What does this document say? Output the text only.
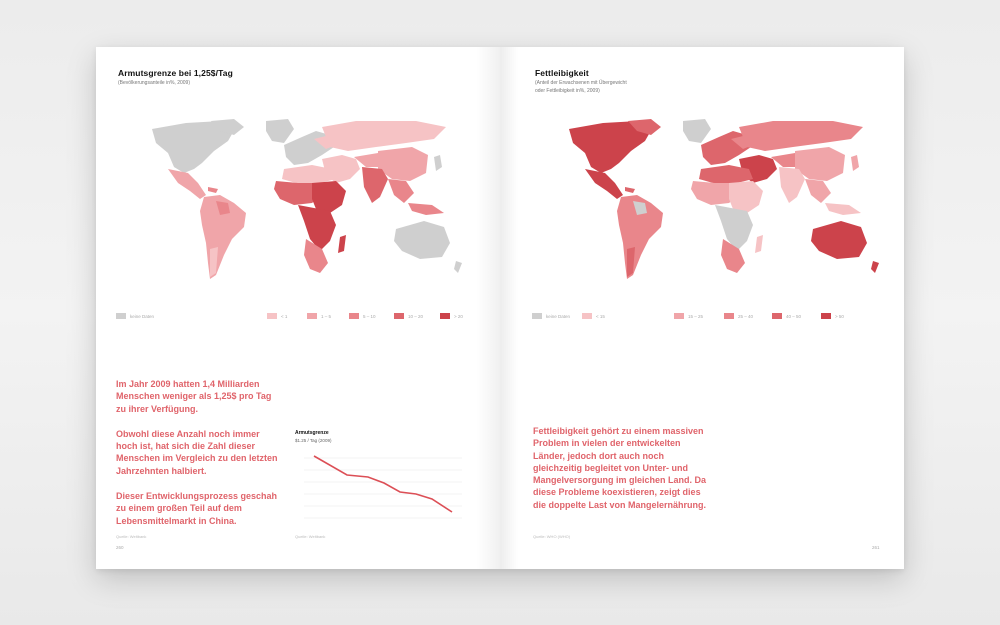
Armutsgrenze bei 1,25$/Tag
(Bevölkerungsanteile in%, 2009)
keine Daten	< 1	1 – 5	5 – 10	10 – 20	> 20

Im Jahr 2009 hatten 1,4 Milliarden Menschen weniger als 1,25$ pro Tag zu ihrer Verfügung.

Obwohl diese Anzahl noch immer hoch ist, hat sich die Zahl dieser Menschen im Vergleich zu den letzten Jahrzehnten halbiert.

Dieser Entwicklungsprozess geschah zu einem großen Teil auf dem Lebensmittelmarkt in China.

Quelle: Weltbank
260
Armutsgrenze
$1.25 / Tag (2009)
Quelle: Weltbank
Fettleibigkeit
(Anteil der Erwachsenen mit Übergewicht
oder Fettleibigkeit in%, 2009)
keine Daten	< 15	15 – 25	25 – 40	40 – 50	> 50

Fettleibigkeit gehört zu einem massiven Problem in vielen der entwickelten Länder, jedoch dort auch noch gleichzeitig begleitet von Unter- und Mangelversorgung im gleichen Land. Da diese Probleme koexistieren, zeigt dies die doppelte Last von Mangelernährung.

Quelle: WHO (WHO)
261
